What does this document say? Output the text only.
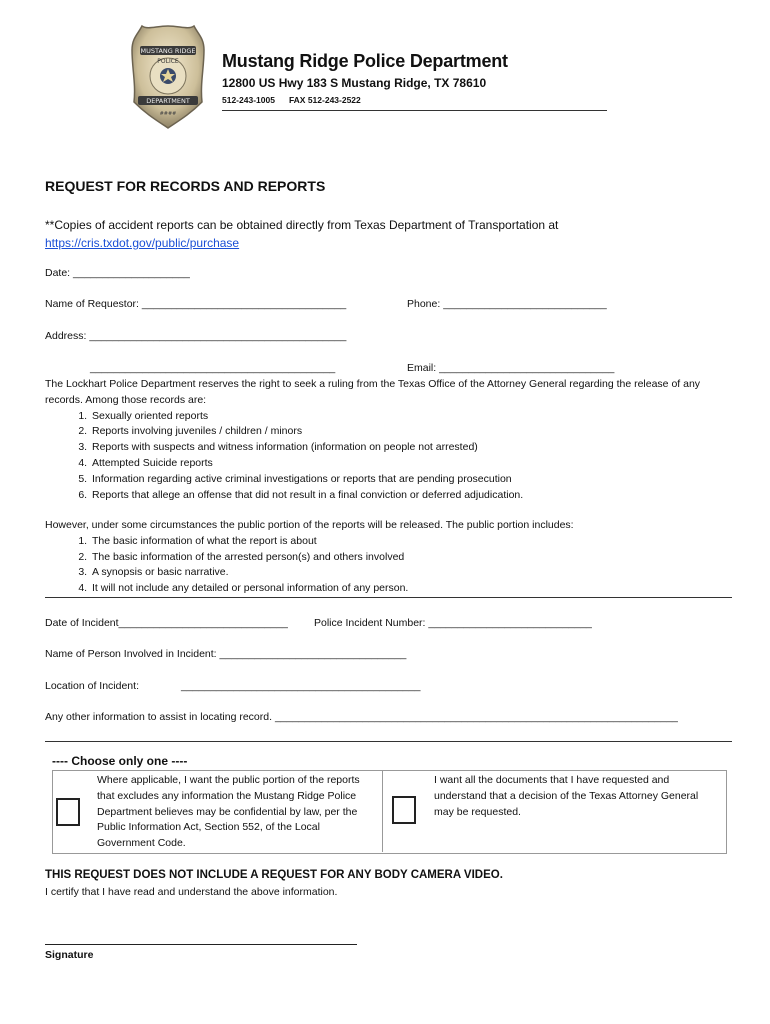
MUSTANG RIDGE
POLICE
DEPARTMENT
####
Mustang Ridge Police Department
12800 US Hwy 183 S Mustang Ridge, TX 78610
512-243-1005 FAX 512-243-2522
REQUEST FOR RECORDS AND REPORTS
**Copies of accident reports can be obtained directly from Texas Department of Transportation at
https://cris.txdot.gov/public/purchase
Date: ____________________
Name of Requestor: ___________________________________	Phone: ____________________________
Address: ____________________________________________
__________________________________________	Email: ______________________________
The Lockhart Police Department reserves the right to seek a ruling from the Texas Office of the Attorney General regarding the release of any records. Among those records are:
1. Sexually oriented reports
2. Reports involving juveniles / children / minors
3. Reports with suspects and witness information (information on people not arrested)
4. Attempted Suicide reports
5. Information regarding active criminal investigations or reports that are pending prosecution
6. Reports that allege an offense that did not result in a final conviction or deferred adjudication.
However, under some circumstances the public portion of the reports will be released. The public portion includes:
1. The basic information of what the report is about
2. The basic information of the arrested person(s) and others involved
3. A synopsis or basic narrative.
4. It will not include any detailed or personal information of any person.
Date of Incident_____________________________ Police Incident Number: ____________________________
Name of Person Involved in Incident: ________________________________
Location of Incident:	_________________________________________
Any other information to assist in locating record. _____________________________________________________________________
---- Choose only one ----
Where applicable, I want the public portion of the reports that excludes any information the Mustang Ridge Police Department believes may be confidential by law, per the Public Information Act, Section 552, of the Local Government Code.
I want all the documents that I have requested and understand that a decision of the Texas Attorney General may be requested.
THIS REQUEST DOES NOT INCLUDE A REQUEST FOR ANY BODY CAMERA VIDEO.
I certify that I have read and understand the above information.
Signature
